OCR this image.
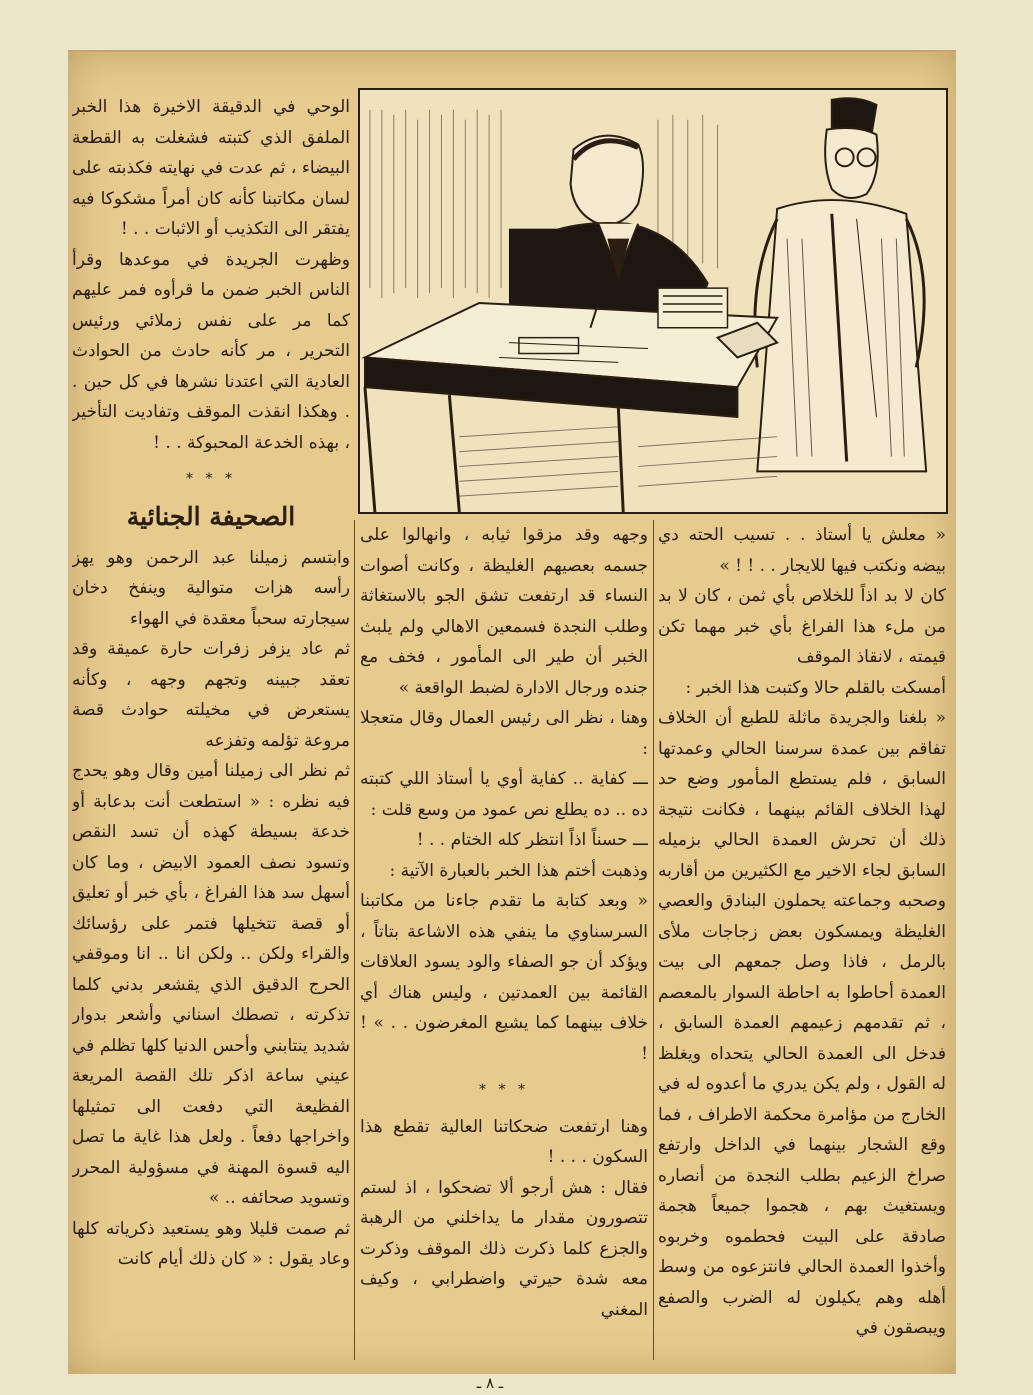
الوحي في الدقيقة الاخيرة هذا الخبر الملفق الذي كتبته فشغلت به القطعة البيضاء ، ثم عدت في نهايته فكذبته على لسان مكاتبنا كأنه كان أمراً مشكوكا فيه يفتقر الى التكذيب أو الاثبات . . !

وظهرت الجريدة في موعدها وقرأ الناس الخبر ضمن ما قرأوه فمر عليهم كما مر على نفس زملائي ورئيس التحرير ، مر كأنه حادث من الحوادث العادية التي اعتدنا نشرها في كل حين . . وهكذا انقذت الموقف وتفاديت التأخير ، بهذه الخدعة المحبوكة . . !

* * *
الصحيفة الجنائية

وابتسم زميلنا عبد الرحمن وهو يهز رأسه هزات متوالية وينفخ دخان سيجارته سحباً معقدة في الهواء

ثم عاد يزفر زفرات حارة عميقة وقد تعقد جبينه وتجهم وجهه ، وكأنه يستعرض في مخيلته حوادث قصة مروعة تؤلمه وتفزعه

ثم نظر الى زميلنا أمين وقال وهو يحدج فيه نظره : « استطعت أنت بدعابة أو خدعة بسيطة كهذه أن تسد النقص وتسود نصف العمود الابيض ، وما كان أسهل سد هذا الفراغ ، بأي خبر أو تعليق أو قصة تتخيلها فتمر على رؤسائك والقراء ولكن .. ولكن انا .. انا وموقفي الحرج الدقيق الذي يقشعر بدني كلما تذكرته ، تصطك اسناني وأشعر بدوار شديد ينتابني وأحس الدنيا كلها تظلم في عيني ساعة اذكر تلك القصة المريعة الفظيعة التي دفعت الى تمثيلها واخراجها دفعاً . ولعل هذا غاية ما تصل اليه قسوة المهنة في مسؤولية المحرر وتسويد صحائفه .. »

ثم صمت قليلا وهو يستعيد ذكرياته كلها وعاد يقول : « كان ذلك أيام كانت

وجهه وقد مزقوا ثيابه ، وانهالوا على جسمه بعصيهم الغليظة ، وكانت أصوات النساء قد ارتفعت تشق الجو بالاستغاثة وطلب النجدة فسمعين الاهالي ولم يلبث الخبر أن طير الى المأمور ، فخف مع جنده ورجال الادارة لضبط الواقعة »

وهنا ، نظر الى رئيس العمال وقال متعجلا :

ـــ كفاية .. كفاية أوي يا أستاذ اللي كتبته ده .. ده يطلع نص عمود من وسع قلت :

ـــ حسناً اذاً انتظر كله الختام . . !

وذهبت أختم هذا الخبر بالعبارة الآتية :

« وبعد كتابة ما تقدم جاءنا من مكاتبنا السرسناوي ما ينفي هذه الاشاعة بتاتاً ، ويؤكد أن جو الصفاء والود يسود العلاقات القائمة بين العمدتين ، وليس هناك أي خلاف بينهما كما يشيع المغرضون . . » ! !

* * *

وهنا ارتفعت ضحكاتنا العالية تقطع هذا السكون . . . !

فقال : هش أرجو ألا تضحكوا ، اذ لستم تتصورون مقدار ما يداخلني من الرهبة والجزع كلما ذكرت ذلك الموقف وذكرت معه شدة حيرتي واضطرابي ، وكيف المغني

« معلش يا أستاذ . . تسيب الحته دي بيضه ونكتب فيها للايجار . . ! ! »

كان لا بد اذاً للخلاص بأي ثمن ، كان لا بد من ملء هذا الفراغ بأي خبر مهما تكن قيمته ، لانقاذ الموقف

أمسكت بالقلم حالا وكتبت هذا الخبر :

« بلغنا والجريدة ماثلة للطبع أن الخلاف تفاقم بين عمدة سرسنا الحالي وعمدتها السابق ، فلم يستطع المأمور وضع حد لهذا الخلاف القائم بينهما ، فكانت نتيجة ذلك أن تحرش العمدة الحالي بزميله السابق لجاء الاخير مع الكثيرين من أقاربه وصحبه وجماعته يحملون البنادق والعصي الغليظة ويمسكون بعض زجاجات ملأى بالرمل ، فاذا وصل جمعهم الى بيت العمدة أحاطوا به احاطة السوار بالمعصم ، ثم تقدمهم زعيمهم العمدة السابق ، فدخل الى العمدة الحالي يتحداه ويغلظ له القول ، ولم يكن يدري ما أعدوه له في الخارج من مؤامرة محكمة الاطراف ، فما وقع الشجار بينهما في الداخل وارتفع صراخ الزعيم بطلب النجدة من أنصاره ويستغيث بهم ، هجموا جميعاً هجمة صادقة على البيت فحطموه وخربوه وأخذوا العمدة الحالي فانتزعوه من وسط أهله وهم يكيلون له الضرب والصفع ويبصقون في

ـ ٨ ـ
